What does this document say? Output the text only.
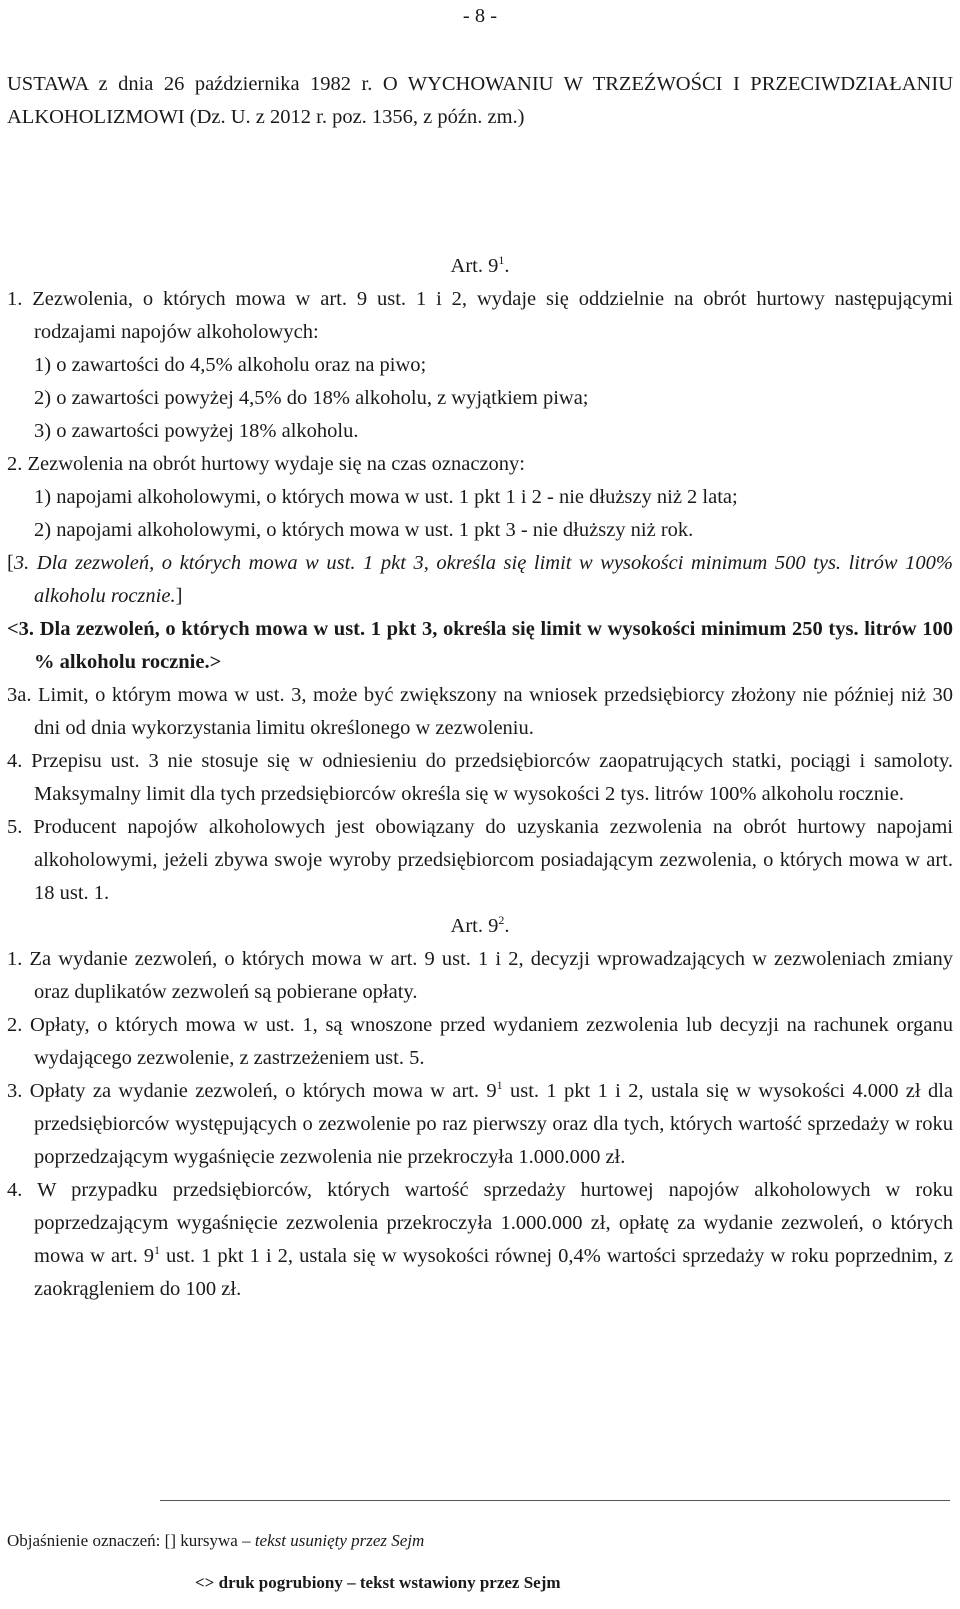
- 8 -
USTAWA z dnia 26 października 1982 r. O WYCHOWANIU W TRZEŹWOŚCI I PRZECIWDZIAŁANIU ALKOHOLIZMOWI (Dz. U. z 2012 r. poz. 1356, z późn. zm.)
Art. $9^1$.
1. Zezwolenia, o których mowa w art. 9 ust. 1 i 2, wydaje się oddzielnie na obrót hurtowy następującymi rodzajami napojów alkoholowych:
1) o zawartości do 4,5% alkoholu oraz na piwo;
2) o zawartości powyżej 4,5% do 18% alkoholu, z wyjątkiem piwa;
3) o zawartości powyżej 18% alkoholu.
2. Zezwolenia na obrót hurtowy wydaje się na czas oznaczony:
1) napojami alkoholowymi, o których mowa w ust. 1 pkt 1 i 2 - nie dłuższy niż 2 lata;
2) napojami alkoholowymi, o których mowa w ust. 1 pkt 3 - nie dłuższy niż rok.
[3. Dla zezwoleń, o których mowa w ust. 1 pkt 3, określa się limit w wysokości minimum 500 tys. litrów 100% alkoholu rocznie.]
<3. Dla zezwoleń, o których mowa w ust. 1 pkt 3, określa się limit w wysokości minimum 250 tys. litrów 100 % alkoholu rocznie.>
3a. Limit, o którym mowa w ust. 3, może być zwiększony na wniosek przedsiębiorcy złożony nie później niż 30 dni od dnia wykorzystania limitu określonego w zezwoleniu.
4. Przepisu ust. 3 nie stosuje się w odniesieniu do przedsiębiorców zaopatrujących statki, pociągi i samoloty. Maksymalny limit dla tych przedsiębiorców określa się w wysokości 2 tys. litrów 100% alkoholu rocznie.
5. Producent napojów alkoholowych jest obowiązany do uzyskania zezwolenia na obrót hurtowy napojami alkoholowymi, jeżeli zbywa swoje wyroby przedsiębiorcom posiadającym zezwolenia, o których mowa w art. 18 ust. 1.
Art. $9^2$.
1. Za wydanie zezwoleń, o których mowa w art. 9 ust. 1 i 2, decyzji wprowadzających w zezwoleniach zmiany oraz duplikatów zezwoleń są pobierane opłaty.
2. Opłaty, o których mowa w ust. 1, są wnoszone przed wydaniem zezwolenia lub decyzji na rachunek organu wydającego zezwolenie, z zastrzeżeniem ust. 5.
3. Opłaty za wydanie zezwoleń, o których mowa w art. $9^1$ ust. 1 pkt 1 i 2, ustala się w wysokości 4.000 zł dla przedsiębiorców występujących o zezwolenie po raz pierwszy oraz dla tych, których wartość sprzedaży w roku poprzedzającym wygaśnięcie zezwolenia nie przekroczyła 1.000.000 zł.
4. W przypadku przedsiębiorców, których wartość sprzedaży hurtowej napojów alkoholowych w roku poprzedzającym wygaśnięcie zezwolenia przekroczyła 1.000.000 zł, opłatę za wydanie zezwoleń, o których mowa w art. $9^1$ ust. 1 pkt 1 i 2, ustala się w wysokości równej 0,4% wartości sprzedaży w roku poprzednim, z zaokrągleniem do 100 zł.
Objaśnienie oznaczeń: [] kursywa – tekst usunięty przez Sejm
<> druk pogrubiony – tekst wstawiony przez Sejm
